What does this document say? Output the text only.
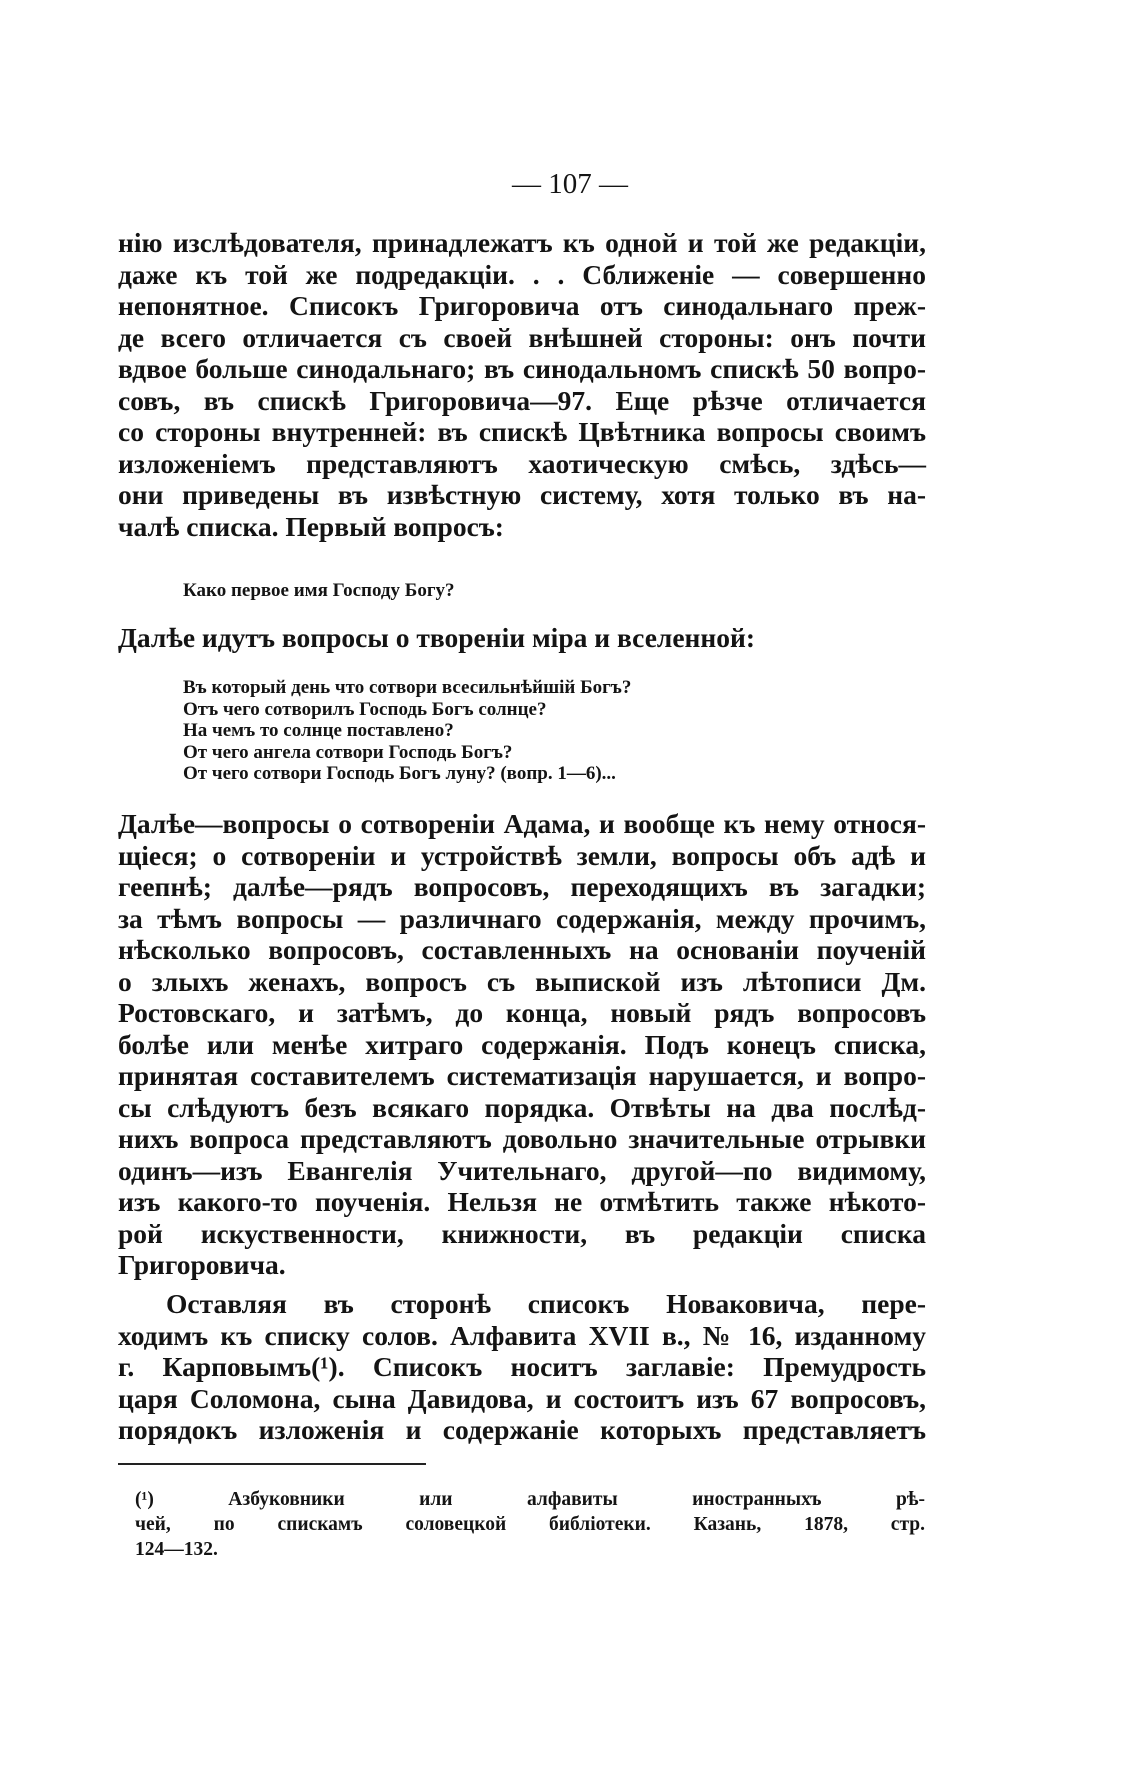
— 107 —
нію изслѣдователя, принадлежатъ къ одной и той же редакціи,
даже къ той же подредакціи. . . Сближеніе — совершенно
непонятное. Списокъ Григоровича отъ синодальнаго преж-
де всего отличается съ своей внѣшней стороны: онъ почти
вдвое больше синодальнаго; въ синодальномъ спискѣ 50 вопро-
совъ, въ спискѣ Григоровича—97. Еще рѣзче отличается
со стороны внутренней: въ спискѣ Цвѣтника вопросы своимъ
изложеніемъ представляютъ хаотическую смѣсь, здѣсь—
они приведены въ извѣстную систему, хотя только въ на-
чалѣ списка. Первый вопросъ:
Како первое имя Господу Богу?
Далѣе идутъ вопросы о твореніи міра и вселенной:
Въ который день что сотвори всесильнѣйшій Богъ?
Отъ чего сотворилъ Господь Богъ солнце?
На чемъ то солнце поставлено?
От чего ангела сотвори Господь Богъ?
От чего сотвори Господь Богъ луну? (вопр. 1—6)...
Далѣе—вопросы о сотвореніи Адама, и вообще къ нему относя-
щіеся; о сотвореніи и устройствѣ земли, вопросы объ адѣ и
геепнѣ; далѣе—рядъ вопросовъ, переходящихъ въ загадки;
за тѣмъ вопросы — различнаго содержанія, между прочимъ,
нѣсколько вопросовъ, составленныхъ на основаніи поученій
о злыхъ женахъ, вопросъ съ выпиской изъ лѣтописи Дм.
Ростовскаго, и затѣмъ, до конца, новый рядъ вопросовъ
болѣе или менѣе хитраго содержанія. Подъ конецъ списка,
принятая составителемъ систематизація нарушается, и вопро-
сы слѣдуютъ безъ всякаго порядка. Отвѣты на два послѣд-
нихъ вопроса представляютъ довольно значительные отрывки
одинъ—изъ Евангелія Учительнаго, другой—по видимому,
изъ какого-то поученія. Нельзя не отмѣтить также нѣкото-
рой искуственности, книжности, въ редакціи списка
Григоровича.
Оставляя въ сторонѣ списокъ Новаковича, пере-
ходимъ къ списку солов. Алфавита XVII в., № 16, изданному
г. Карповымъ(¹). Списокъ носитъ заглавіе: Премудрость
царя Соломона, сына Давидова, и состоитъ изъ 67 вопросовъ,
порядокъ изложенія и содержаніе которыхъ представляетъ
(¹) Азбуковники или алфавиты иностранныхъ рѣ-
чей, по спискамъ соловецкой библіотеки. Казань, 1878, стр.
124—132.
